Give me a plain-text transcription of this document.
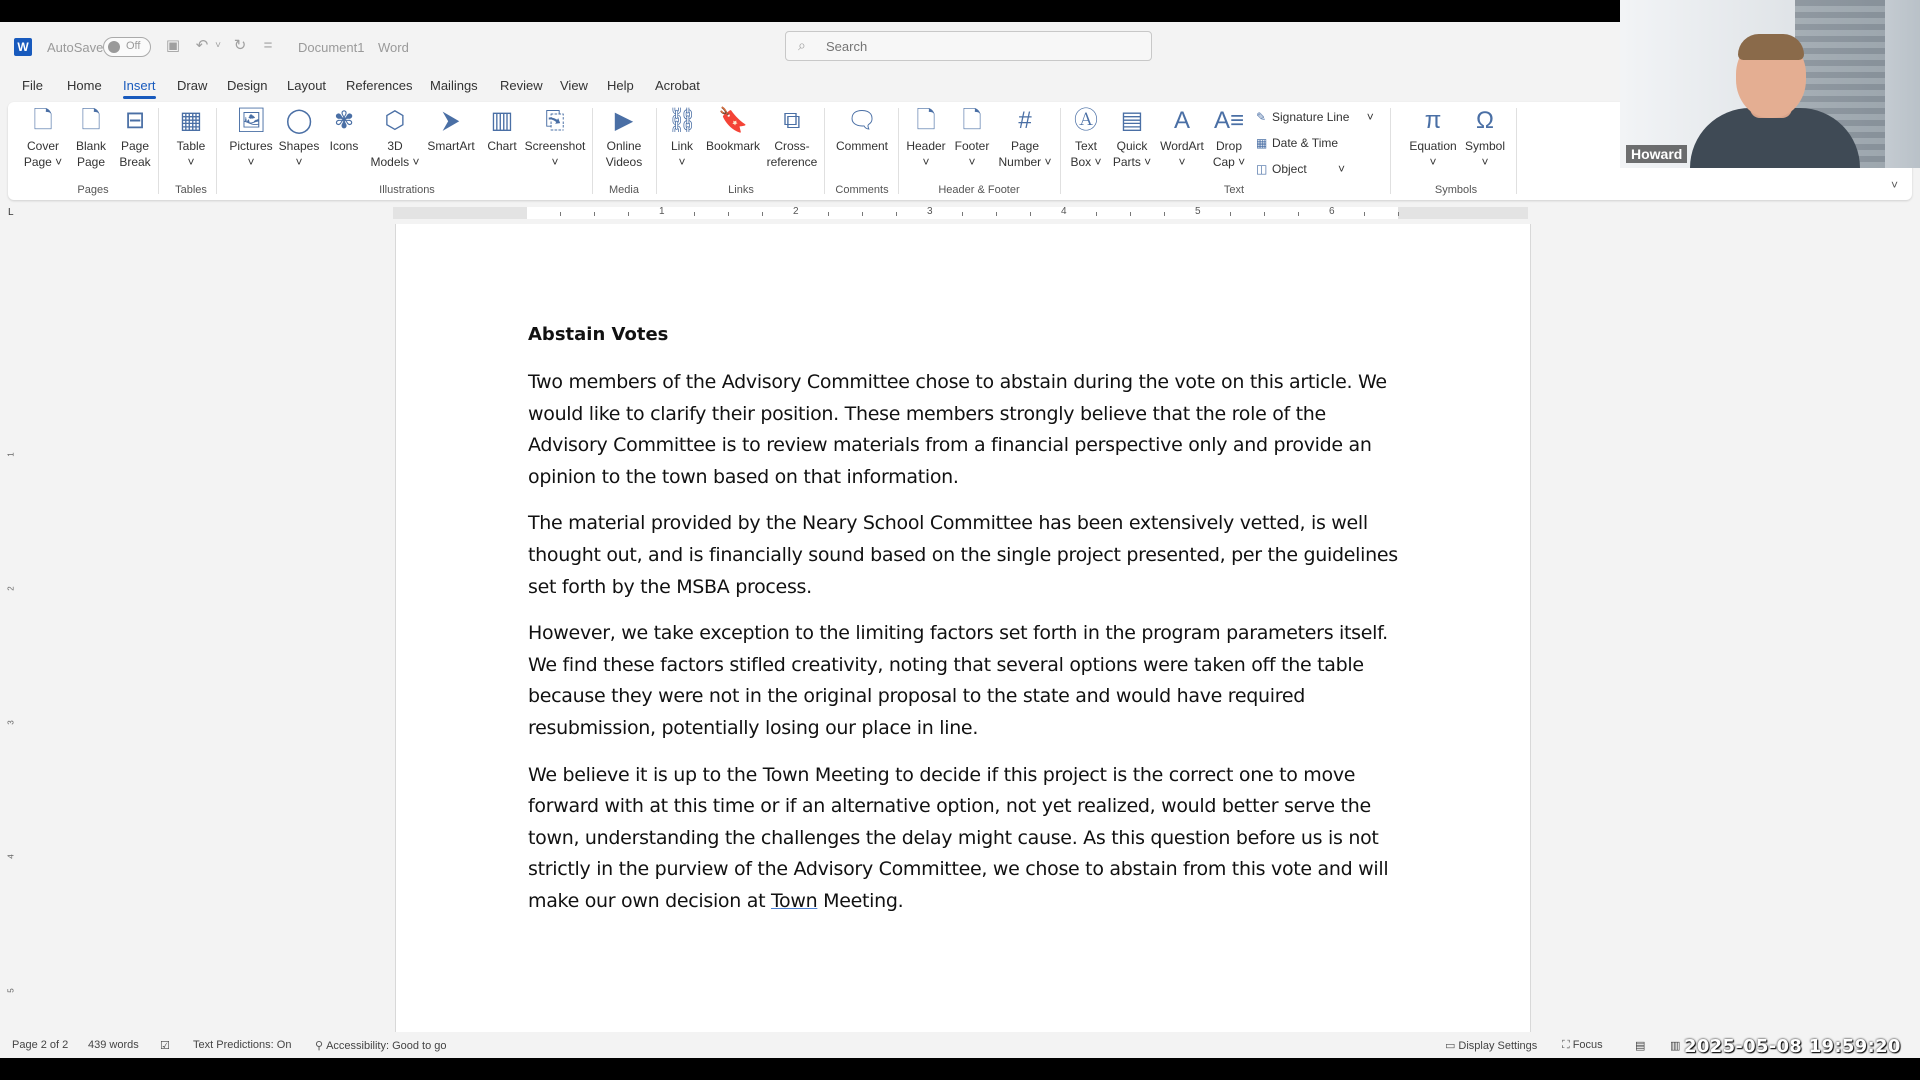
W AutoSave Off ▣ ↶ ˅ ↻	=	Document1 Word	⌕
Search
File Home Insert Draw Design Layout References Mailings Review View Help Acrobat
🗋
Cover
Page ˅
🗋
Blank
Page
⊟
Page
Break
Pages
▦
Table
˅
Tables
🖼
Pictures
˅
◯
Shapes
˅
✾
Icons
⬡
3D
Models ˅
⮞
SmartArt
▥
Chart
⎘
Screenshot
˅
Illustrations
▶
Online
Videos
Media
⛓
Link
˅
🔖
Bookmark
⧉
Cross-
reference
Links
🗨
Comment
Comments
🗋
Header
˅
🗋
Footer
˅
#
Page
Number ˅
Header & Footer
Ⓐ
Text
Box ˅
▤
Quick
Parts ˅
A
WordArt
˅
A≡
Drop
Cap ˅
✎ Signature Line ˅
▦ Date & Time
◫ Object	˅
Text
π
Equation
˅
Ω
Symbol
˅
Symbols	˅
L	1	2	3	4	5	6
1
2
3
4
5
Abstain Votes

Two members of the Advisory Committee chose to abstain during the vote on this article. We would like to clarify their position. These members strongly believe that the role of the Advisory Committee is to review materials from a financial perspective only and provide an opinion to the town based on that information.

The material provided by the Neary School Committee has been extensively vetted, is well thought out, and is financially sound based on the single project presented, per the guidelines set forth by the MSBA process.

However, we take exception to the limiting factors set forth in the program parameters itself. We find these factors stifled creativity, noting that several options were taken off the table because they were not in the original proposal to the state and would have required resubmission, potentially losing our place in line.

We believe it is up to the Town Meeting to decide if this project is the correct one to move forward with at this time or if an alternative option, not yet realized, would better serve the town, understanding the challenges the delay might cause. As this question before us is not strictly in the purview of the Advisory Committee, we chose to abstain from this vote and will make our own decision at Town Meeting.

Page 2 of 2 439 words ☑ Text Predictions: On ⚲ Accessibility: Good to go	▭ Display Settings ⛶ Focus	▤ ▥ 2025-05-08 19:59:20
Howard
